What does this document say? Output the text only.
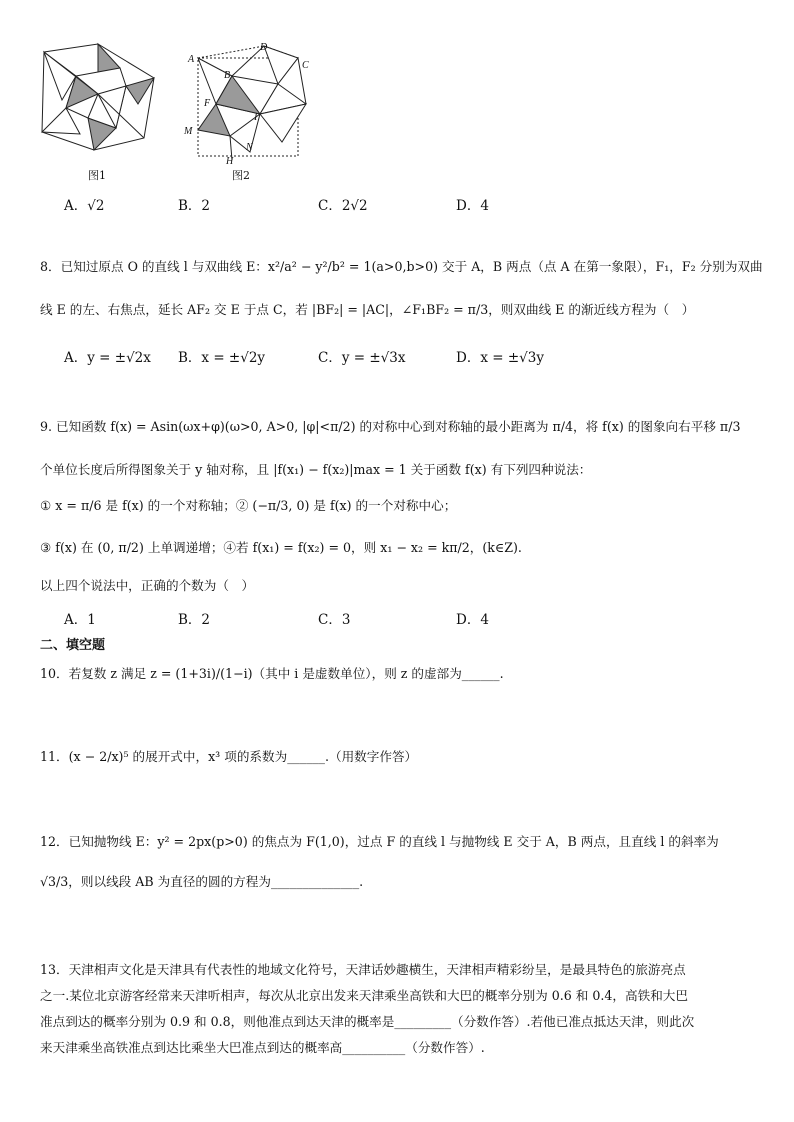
图1
A
D
C
B
F
I
M
N
H
图2
A．√2	B．2	C．2√2	D．4
8．已知过原点 O 的直线 l 与双曲线 E：x²/a² − y²/b² = 1(a>0,b>0) 交于 A，B 两点（点 A 在第一象限），F₁，F₂ 分别为双曲
线 E 的左、右焦点，延长 AF₂ 交 E 于点 C，若 |BF₂| = |AC|，∠F₁BF₂ = π/3，则双曲线 E 的渐近线方程为（　）
A．y = ±√2x B．x = ±√2y	C．y = ±√3x	D．x = ±√3y
9. 已知函数 f(x) = Asin(ωx+φ)(ω>0, A>0, |φ|<π/2) 的对称中心到对称轴的最小距离为 π/4，将 f(x) 的图象向右平移 π/3
个单位长度后所得图象关于 y 轴对称，且 |f(x₁) − f(x₂)|max = 1 关于函数 f(x) 有下列四种说法：
① x = π/6 是 f(x) 的一个对称轴；② (−π/3, 0) 是 f(x) 的一个对称中心；
③ f(x) 在 (0, π/2) 上单调递增；④若 f(x₁) = f(x₂) = 0，则 x₁ − x₂ = kπ/2，(k∈Z).
以上四个说法中，正确的个数为（　）
A．1	B．2	C．3	D．4
二、填空题
10．若复数 z 满足 z = (1+3i)/(1−i)（其中 i 是虚数单位），则 z 的虚部为______.
11．(x − 2/x)⁵ 的展开式中，x³ 项的系数为______.（用数字作答）
12．已知抛物线 E：y² = 2px(p>0) 的焦点为 F(1,0)，过点 F 的直线 l 与抛物线 E 交于 A，B 两点，且直线 l 的斜率为
√3/3，则以线段 AB 为直径的圆的方程为______________.
13．天津相声文化是天津具有代表性的地域文化符号，天津话妙趣横生，天津相声精彩纷呈，是最具特色的旅游亮点
之一.某位北京游客经常来天津听相声，每次从北京出发来天津乘坐高铁和大巴的概率分别为 0.6 和 0.4，高铁和大巴
准点到达的概率分别为 0.9 和 0.8，则他准点到达天津的概率是_________（分数作答）.若他已准点抵达天津，则此次
来天津乘坐高铁准点到达比乘坐大巴准点到达的概率高__________（分数作答）.
